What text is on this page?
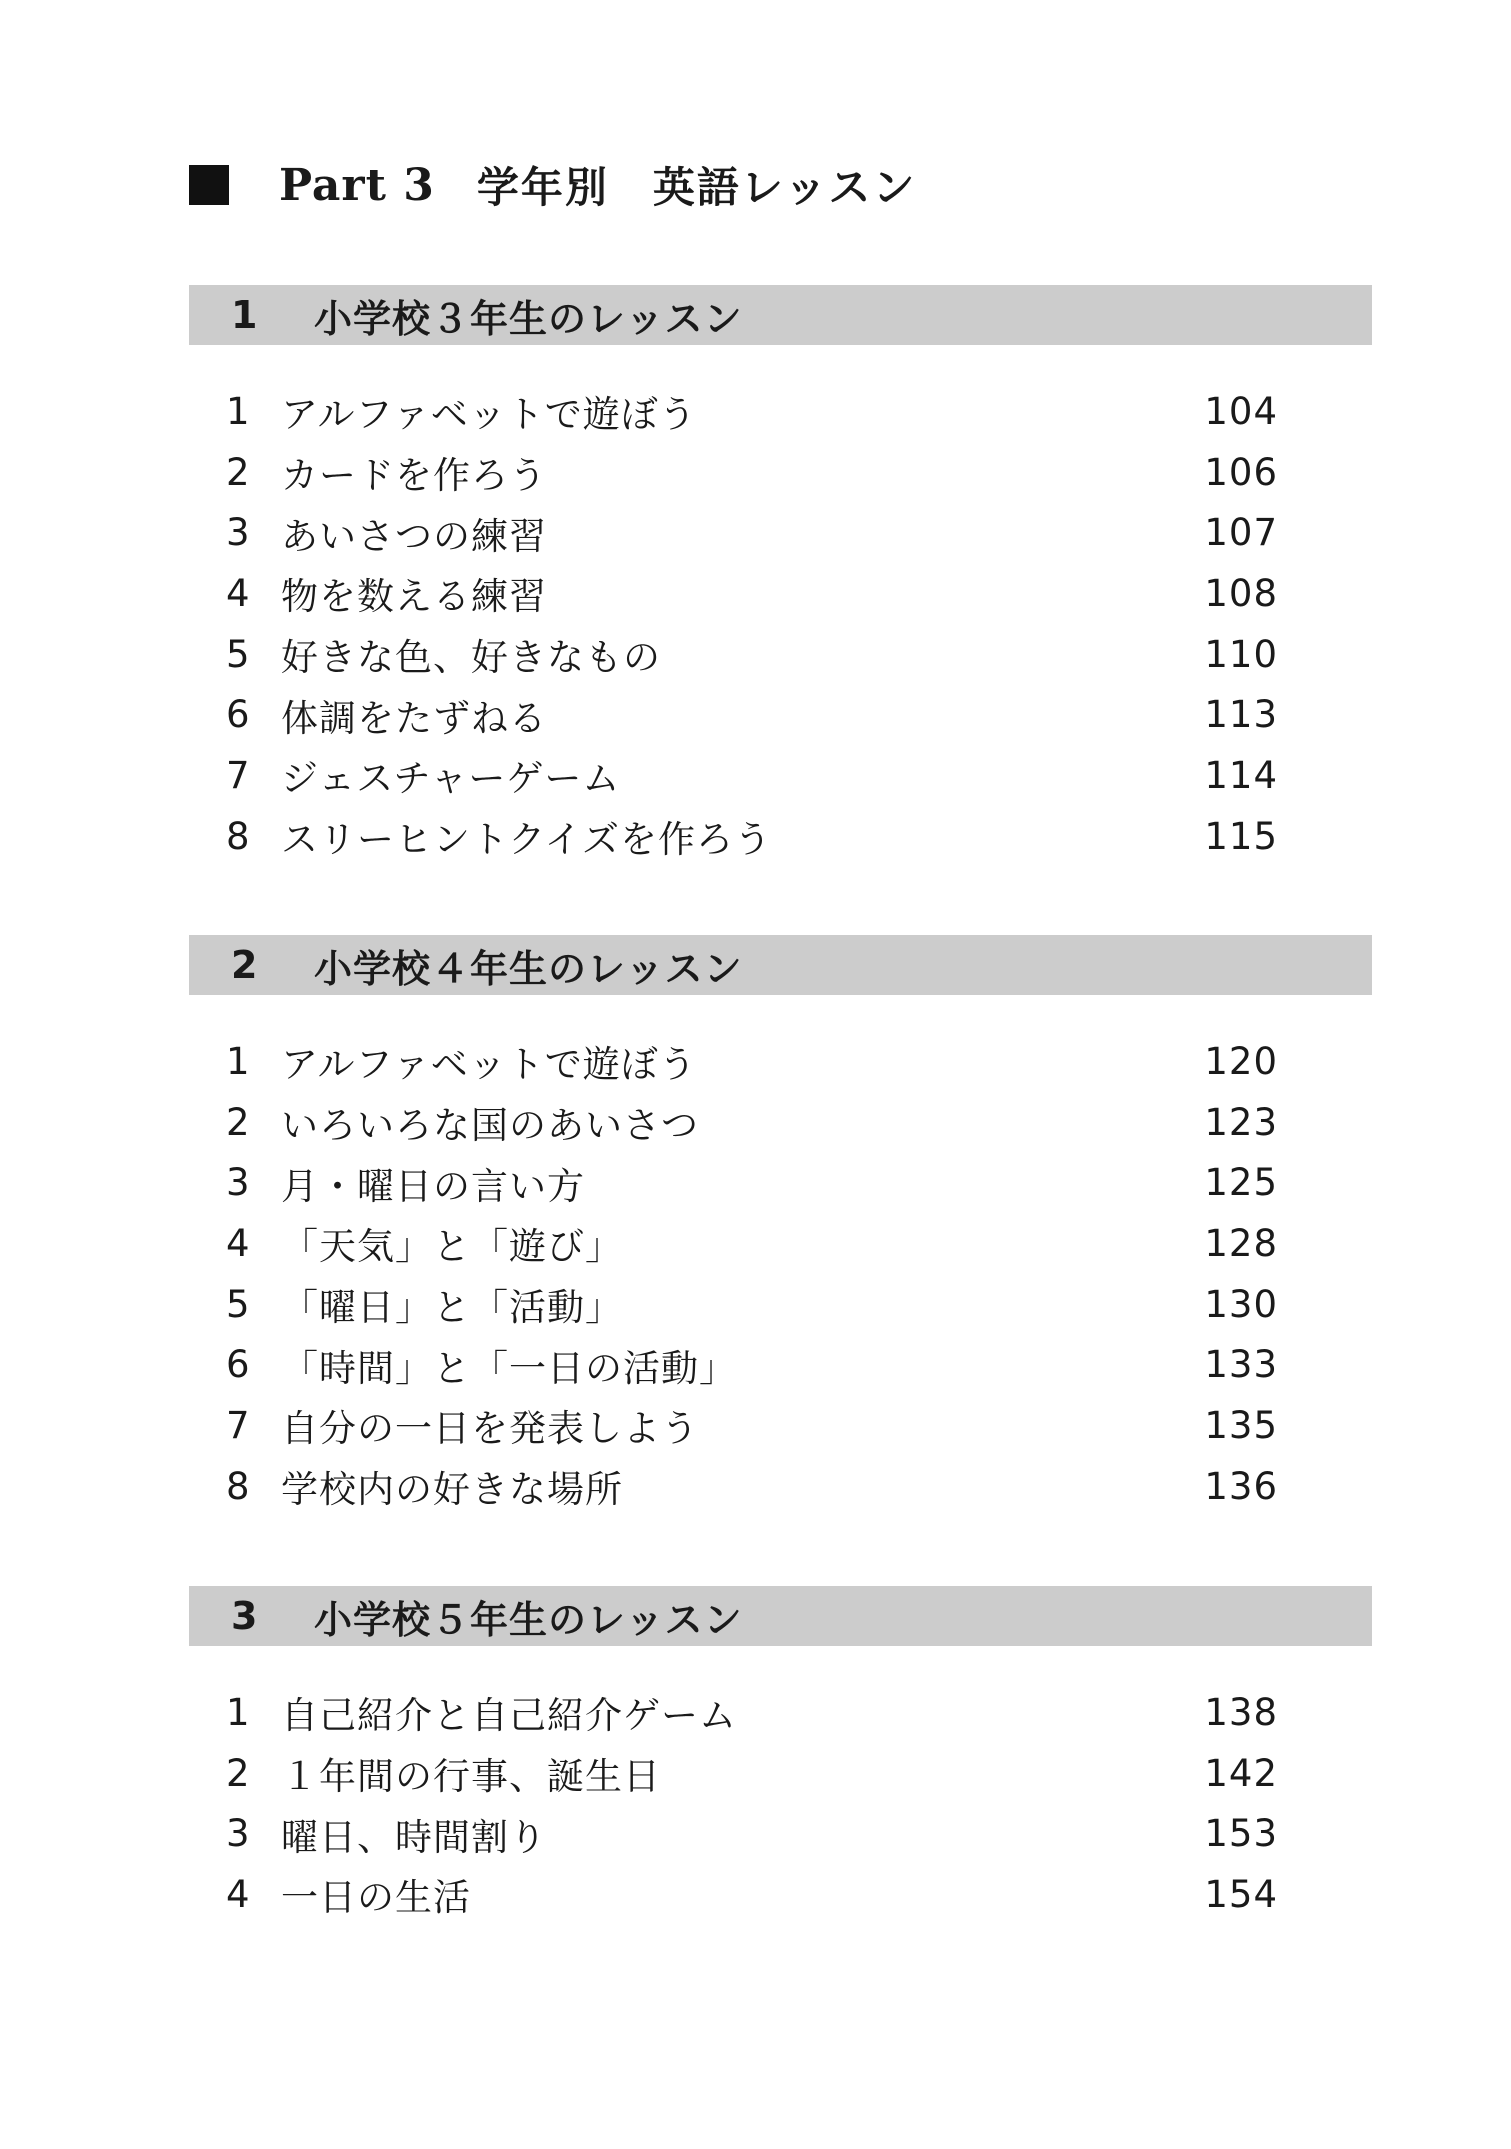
Part 3 学年別　英語レッスン
1	小学校３年生のレッスン
1 アルファベットで遊ぼう	104
2 カードを作ろう	106
3 あいさつの練習	107
4 物を数える練習	108
5 好きな色、好きなもの	110
6 体調をたずねる	113
7 ジェスチャーゲーム	114
8 スリーヒントクイズを作ろう	115
2	小学校４年生のレッスン
1 アルファベットで遊ぼう	120
2 いろいろな国のあいさつ	123
3 月・曜日の言い方	125
4 「天気」と「遊び」	128
5 「曜日」と「活動」	130
6 「時間」と「一日の活動」	133
7 自分の一日を発表しよう	135
8 学校内の好きな場所	136
3	小学校５年生のレッスン
1 自己紹介と自己紹介ゲーム	138
2 １年間の行事、誕生日	142
3 曜日、時間割り	153
4 一日の生活	154
